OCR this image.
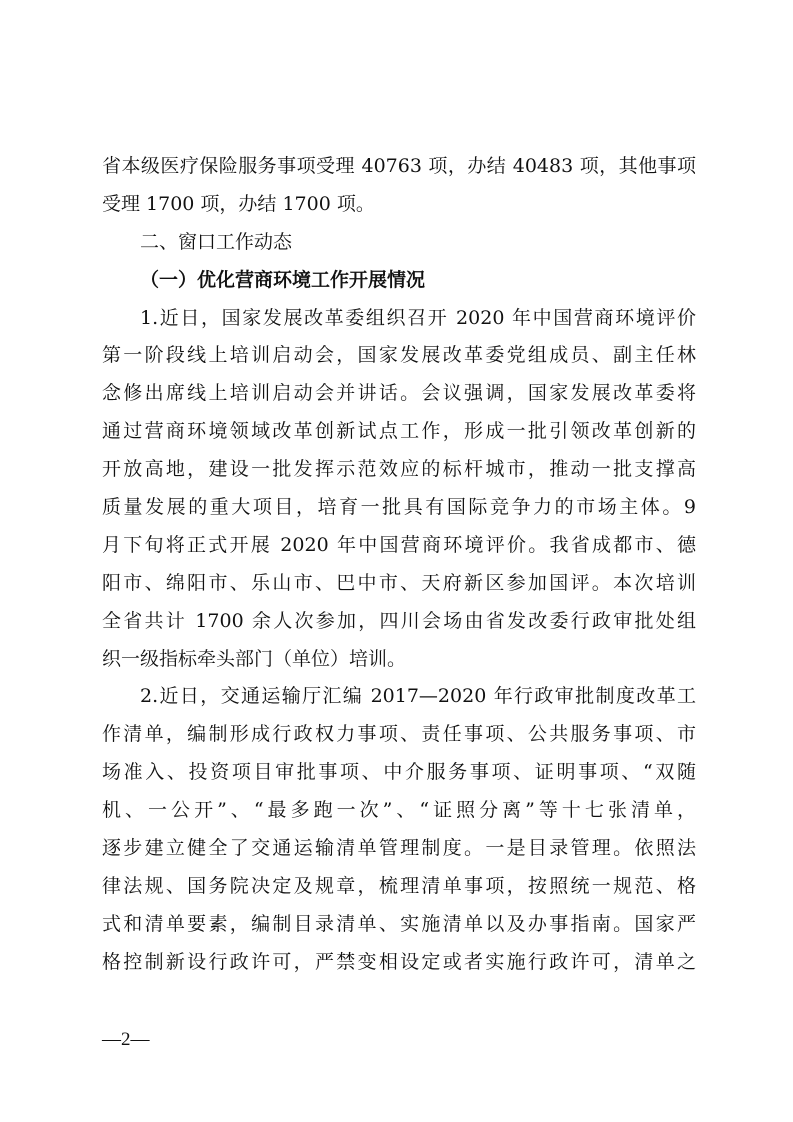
省本级医疗保险服务事项受理 40763 项，办结 40483 项，其他事项
受理 1700 项，办结 1700 项。
二、窗口工作动态
（一）优化营商环境工作开展情况
1.近日，国家发展改革委组织召开 2020 年中国营商环境评价
第一阶段线上培训启动会，国家发展改革委党组成员、副主任林
念修出席线上培训启动会并讲话。会议强调，国家发展改革委将
通过营商环境领域改革创新试点工作，形成一批引领改革创新的
开放高地，建设一批发挥示范效应的标杆城市，推动一批支撑高
质量发展的重大项目，培育一批具有国际竞争力的市场主体。9
月下旬将正式开展 2020 年中国营商环境评价。我省成都市、德
阳市、绵阳市、乐山市、巴中市、天府新区参加国评。本次培训
全省共计 1700 余人次参加，四川会场由省发改委行政审批处组
织一级指标牵头部门（单位）培训。
2.近日，交通运输厅汇编 2017—2020 年行政审批制度改革工
作清单，编制形成行政权力事项、责任事项、公共服务事项、市
场准入、投资项目审批事项、中介服务事项、证明事项、“双随
机、一公开”、“最多跑一次”、“证照分离”等十七张清单，
逐步建立健全了交通运输清单管理制度。一是目录管理。依照法
律法规、国务院决定及规章，梳理清单事项，按照统一规范、格
式和清单要素，编制目录清单、实施清单以及办事指南。国家严
格控制新设行政许可，严禁变相设定或者实施行政许可，清单之
—2—
